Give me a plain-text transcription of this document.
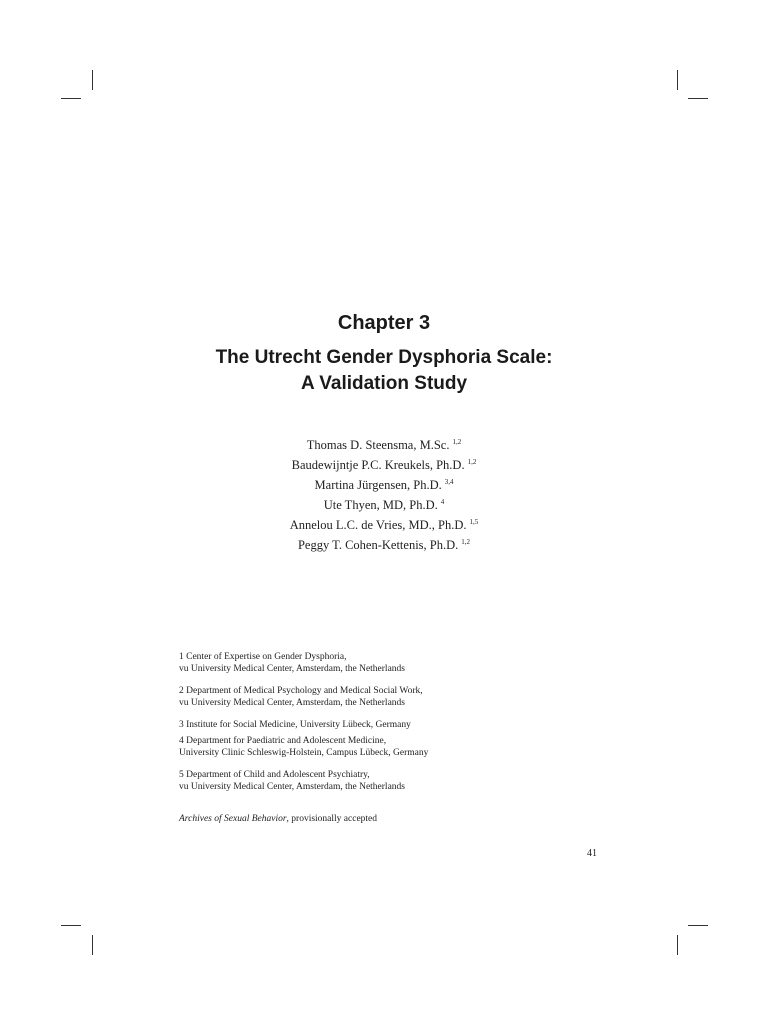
Chapter 3
The Utrecht Gender Dysphoria Scale:
A Validation Study
Thomas D. Steensma, M.Sc. $^{1,2}$
Baudewijntje P.C. Kreukels, Ph.D. $^{1,2}$
Martina Jürgensen, Ph.D. $^{3,4}$
Ute Thyen, MD, Ph.D. $^4$
Annelou L.C. de Vries, MD., Ph.D. $^{1,5}$
Peggy T. Cohen-Kettenis, Ph.D. $^{1,2}$
1 Center of Expertise on Gender Dysphoria,
vu University Medical Center, Amsterdam, the Netherlands
2 Department of Medical Psychology and Medical Social Work,
vu University Medical Center, Amsterdam, the Netherlands
3 Institute for Social Medicine, University Lübeck, Germany
4 Department for Paediatric and Adolescent Medicine,
University Clinic Schleswig-Holstein, Campus Lübeck, Germany
5 Department of Child and Adolescent Psychiatry,
vu University Medical Center, Amsterdam, the Netherlands
Archives of Sexual Behavior, provisionally accepted
41
